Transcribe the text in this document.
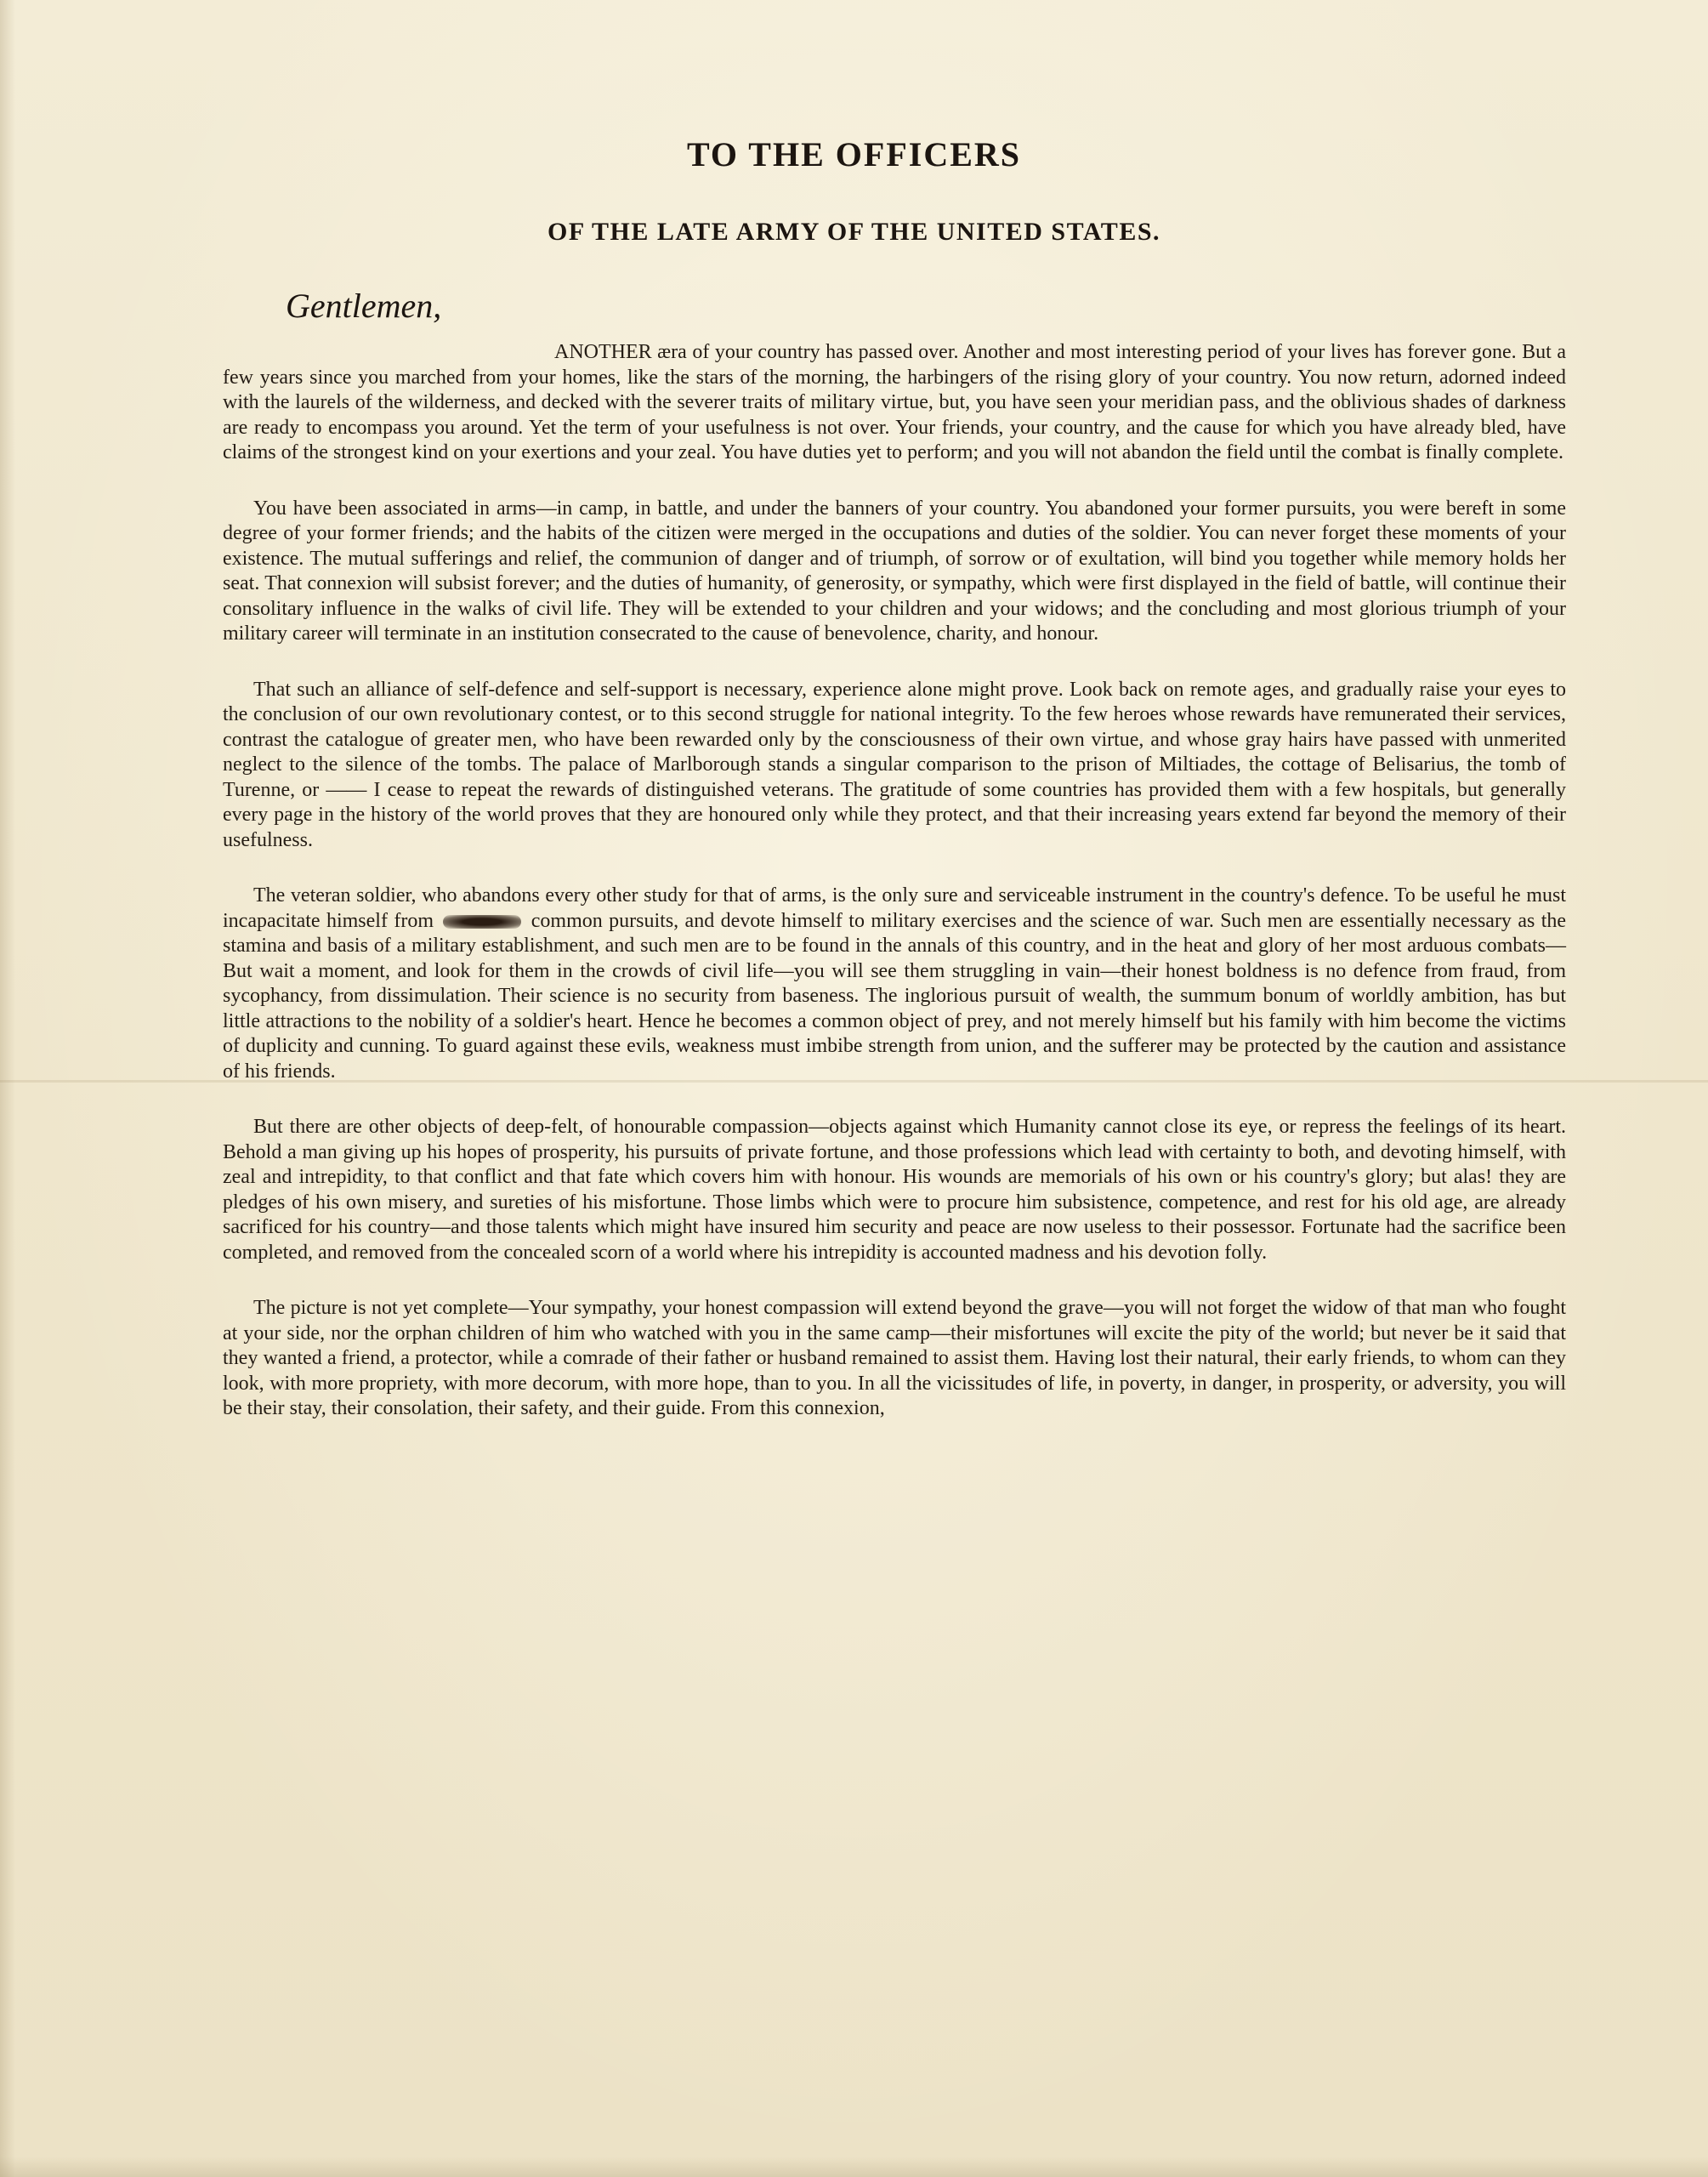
TO THE OFFICERS
OF THE LATE ARMY OF THE UNITED STATES.

Gentlemen,

ANOTHER æra of your country has passed over. Another and most interesting period of your lives has forever gone. But a few years since you marched from your homes, like the stars of the morning, the harbingers of the rising glory of your country. You now return, adorned indeed with the laurels of the wilderness, and decked with the severer traits of military virtue, but, you have seen your meridian pass, and the oblivious shades of darkness are ready to encompass you around. Yet the term of your usefulness is not over. Your friends, your country, and the cause for which you have already bled, have claims of the strongest kind on your exertions and your zeal. You have duties yet to perform; and you will not abandon the field until the combat is finally complete.

You have been associated in arms—in camp, in battle, and under the banners of your country. You abandoned your former pursuits, you were bereft in some degree of your former friends; and the habits of the citizen were merged in the occupations and duties of the soldier. You can never forget these moments of your existence. The mutual sufferings and relief, the communion of danger and of triumph, of sorrow or of exultation, will bind you together while memory holds her seat. That connexion will subsist forever; and the duties of humanity, of generosity, or sympathy, which were first displayed in the field of battle, will continue their consolitary influence in the walks of civil life. They will be extended to your children and your widows; and the concluding and most glorious triumph of your military career will terminate in an institution consecrated to the cause of benevolence, charity, and honour.

That such an alliance of self-defence and self-support is necessary, experience alone might prove. Look back on remote ages, and gradually raise your eyes to the conclusion of our own revolutionary contest, or to this second struggle for national integrity. To the few heroes whose rewards have remunerated their services, contrast the catalogue of greater men, who have been rewarded only by the consciousness of their own virtue, and whose gray hairs have passed with unmerited neglect to the silence of the tombs. The palace of Marlborough stands a singular comparison to the prison of Miltiades, the cottage of Belisarius, the tomb of Turenne, or —— I cease to repeat the rewards of distinguished veterans. The gratitude of some countries has provided them with a few hospitals, but generally every page in the history of the world proves that they are honoured only while they protect, and that their increasing years extend far beyond the memory of their usefulness.

The veteran soldier, who abandons every other study for that of arms, is the only sure and serviceable instrument in the country's defence. To be useful he must incapacitate himself from	common pursuits, and devote himself to military exercises and the science of war. Such men are essentially necessary as the stamina and basis of a military establishment, and such men are to be found in the annals of this country, and in the heat and glory of her most arduous combats—But wait a moment, and look for them in the crowds of civil life—you will see them struggling in vain—their honest boldness is no defence from fraud, from sycophancy, from dissimulation. Their science is no security from baseness. The inglorious pursuit of wealth, the summum bonum of worldly ambition, has but little attractions to the nobility of a soldier's heart. Hence he becomes a common object of prey, and not merely himself but his family with him become the victims of duplicity and cunning. To guard against these evils, weakness must imbibe strength from union, and the sufferer may be protected by the caution and assistance of his friends.

But there are other objects of deep-felt, of honourable compassion—objects against which Humanity cannot close its eye, or repress the feelings of its heart. Behold a man giving up his hopes of prosperity, his pursuits of private fortune, and those professions which lead with certainty to both, and devoting himself, with zeal and intrepidity, to that conflict and that fate which covers him with honour. His wounds are memorials of his own or his country's glory; but alas! they are pledges of his own misery, and sureties of his misfortune. Those limbs which were to procure him subsistence, competence, and rest for his old age, are already sacrificed for his country—and those talents which might have insured him security and peace are now useless to their possessor. Fortunate had the sacrifice been completed, and removed from the concealed scorn of a world where his intrepidity is accounted madness and his devotion folly.

The picture is not yet complete—Your sympathy, your honest compassion will extend beyond the grave—you will not forget the widow of that man who fought at your side, nor the orphan children of him who watched with you in the same camp—their misfortunes will excite the pity of the world; but never be it said that they wanted a friend, a protector, while a comrade of their father or husband remained to assist them. Having lost their natural, their early friends, to whom can they look, with more propriety, with more decorum, with more hope, than to you. In all the vicissitudes of life, in poverty, in danger, in prosperity, or adversity, you will be their stay, their consolation, their safety, and their guide. From this connexion,
